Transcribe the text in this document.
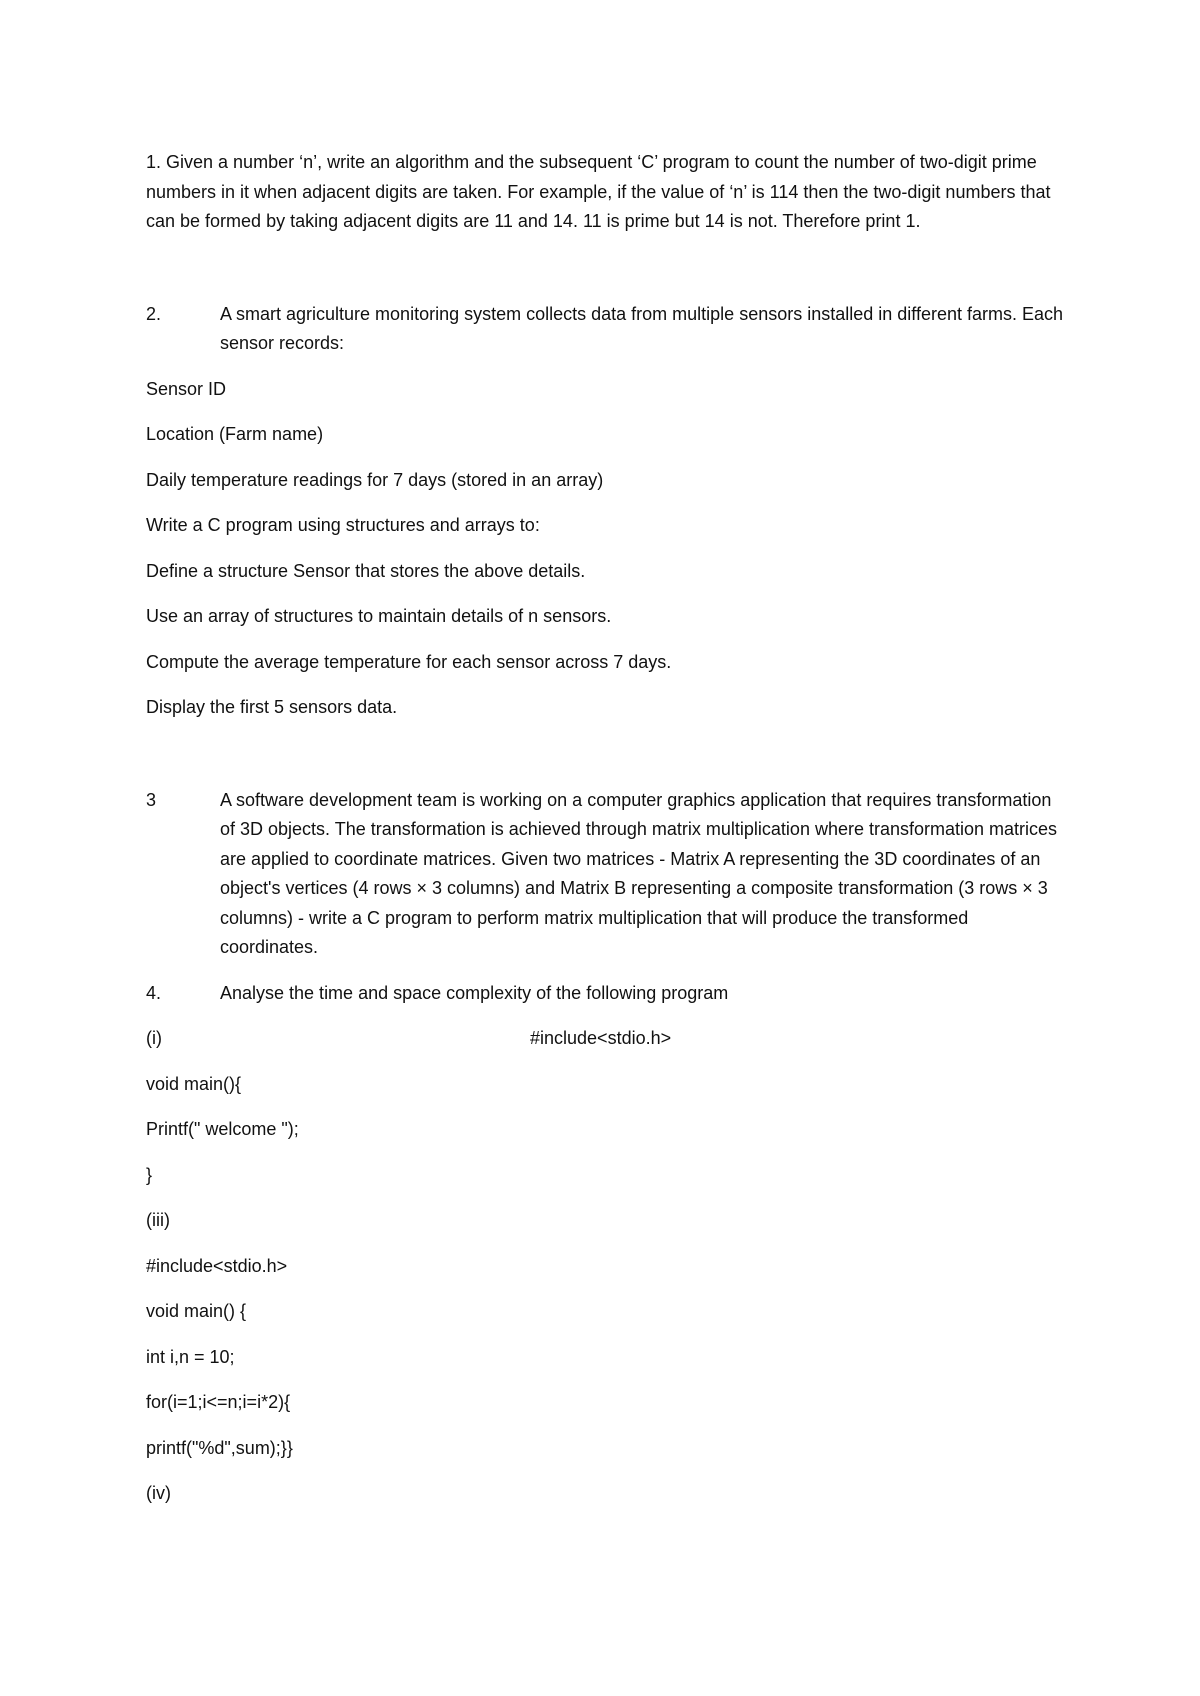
1. Given a number ‘n’, write an algorithm and the subsequent ‘C’ program to count the number of two-digit prime numbers in it when adjacent digits are taken. For example, if the value of ‘n’ is 114 then the two-digit numbers that can be formed by taking adjacent digits are 11 and 14. 11 is prime but 14 is not. Therefore print 1.

2.	A smart agriculture monitoring system collects data from multiple sensors installed in different farms. Each sensor records:

Sensor ID

Location (Farm name)

Daily temperature readings for 7 days (stored in an array)

Write a C program using structures and arrays to:

Define a structure Sensor that stores the above details.

Use an array of structures to maintain details of n sensors.

Compute the average temperature for each sensor across 7 days.

Display the first 5 sensors data.

3	A software development team is working on a computer graphics application that requires transformation of 3D objects. The transformation is achieved through matrix multiplication where transformation matrices are applied to coordinate matrices. Given two matrices - Matrix A representing the 3D coordinates of an object's vertices (4 rows × 3 columns) and Matrix B representing a composite transformation (3 rows × 3 columns) - write a C program to perform matrix multiplication that will produce the transformed coordinates.
4.	Analyse the time and space complexity of the following program
(i)	#include<stdio.h>

void main(){

Printf(" welcome ");

}

(iii)

#include<stdio.h>

void main() {

int i,n = 10;

for(i=1;i<=n;i=i*2){

printf("%d",sum);}}

(iv)
